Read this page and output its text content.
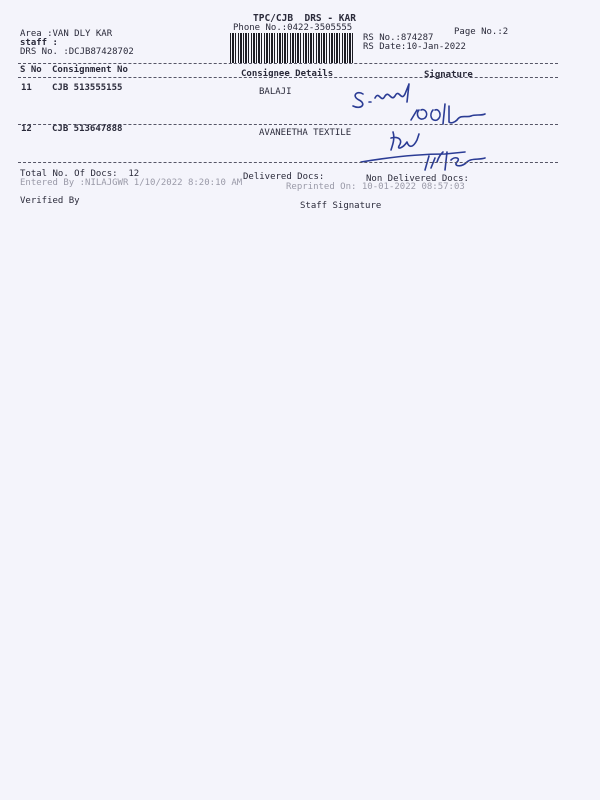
TPC/CJB  DRS - KAR
Phone No.:0422-3505555	Page No.:2
Area :VAN DLY KAR
staff :
DRS No. :DCJB87428702
RS No.:874287
RS Date:10-Jan-2022
S No Consignment No	Consignee Details	Signature
11 CJB 513555155	BALAJI
12 CJB 513647888	AVANEETHA TEXTILE
Total No. Of Docs:  12	Delivered Docs:	Non Delivered Docs:
Entered By :NILAJGWR 1/10/2022 8:20:10 AM	Reprinted On: 10-01-2022 08:57:03
Verified By	Staff Signature
